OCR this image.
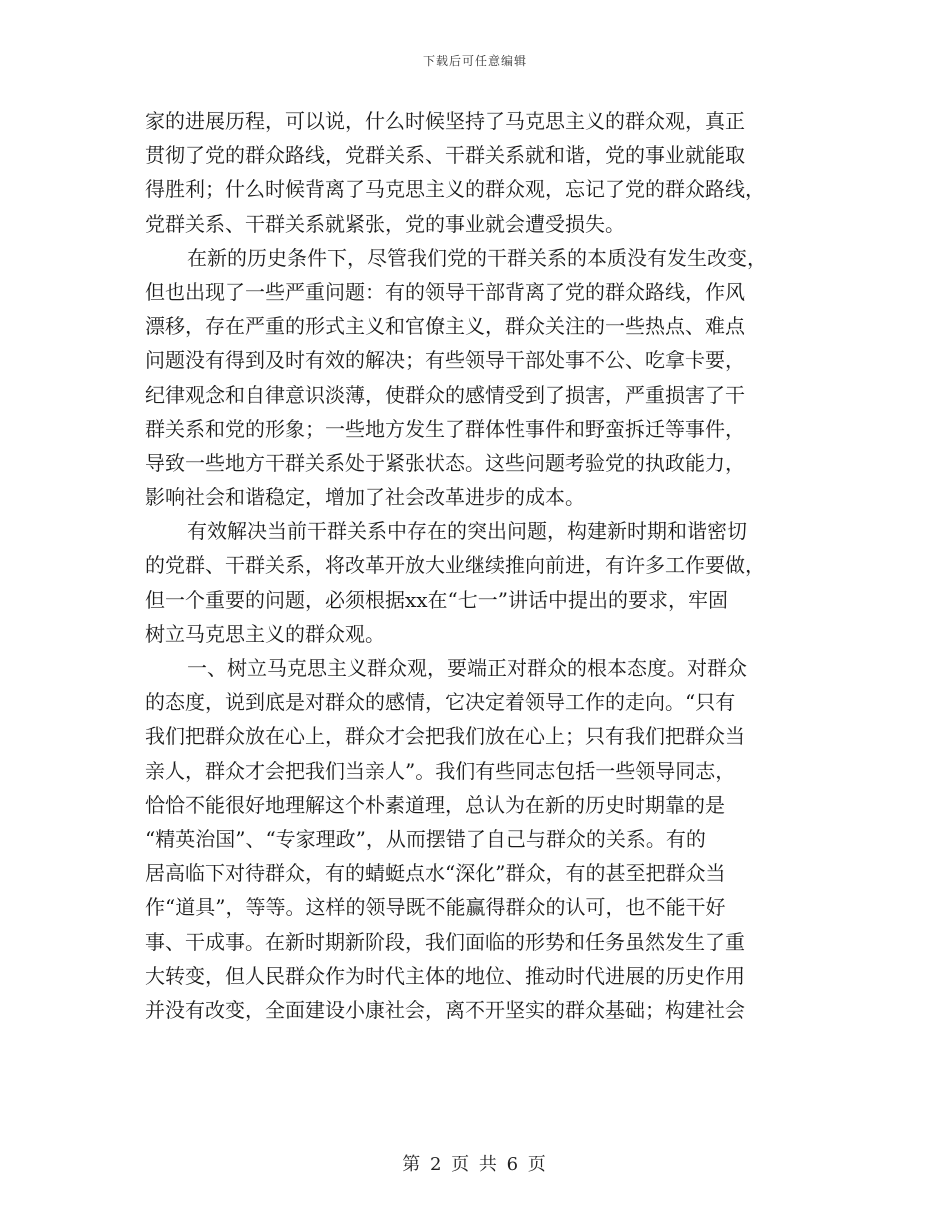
下载后可任意编辑
家的进展历程，可以说，什么时候坚持了马克思主义的群众观，真正
贯彻了党的群众路线，党群关系、干群关系就和谐，党的事业就能取
得胜利；什么时候背离了马克思主义的群众观，忘记了党的群众路线，
党群关系、干群关系就紧张，党的事业就会遭受损失。
在新的历史条件下，尽管我们党的干群关系的本质没有发生改变，
但也出现了一些严重问题：有的领导干部背离了党的群众路线，作风
漂移，存在严重的形式主义和官僚主义，群众关注的一些热点、难点
问题没有得到及时有效的解决；有些领导干部处事不公、吃拿卡要，
纪律观念和自律意识淡薄，使群众的感情受到了损害，严重损害了干
群关系和党的形象；一些地方发生了群体性事件和野蛮拆迁等事件，
导致一些地方干群关系处于紧张状态。这些问题考验党的执政能力，
影响社会和谐稳定，增加了社会改革进步的成本。
有效解决当前干群关系中存在的突出问题，构建新时期和谐密切
的党群、干群关系，将改革开放大业继续推向前进，有许多工作要做，
但一个重要的问题，必须根据xx在“七一”讲话中提出的要求，牢固
树立马克思主义的群众观。
一、树立马克思主义群众观，要端正对群众的根本态度。对群众
的态度，说到底是对群众的感情，它决定着领导工作的走向。“只有
我们把群众放在心上，群众才会把我们放在心上；只有我们把群众当
亲人，群众才会把我们当亲人”。我们有些同志包括一些领导同志，
恰恰不能很好地理解这个朴素道理，总认为在新的历史时期靠的是
“精英治国”、“专家理政”，从而摆错了自己与群众的关系。有的
居高临下对待群众，有的蜻蜓点水“深化”群众，有的甚至把群众当
作“道具”，等等。这样的领导既不能赢得群众的认可，也不能干好
事、干成事。在新时期新阶段，我们面临的形势和任务虽然发生了重
大转变，但人民群众作为时代主体的地位、推动时代进展的历史作用
并没有改变，全面建设小康社会，离不开坚实的群众基础；构建社会
第 2 页 共 6 页
